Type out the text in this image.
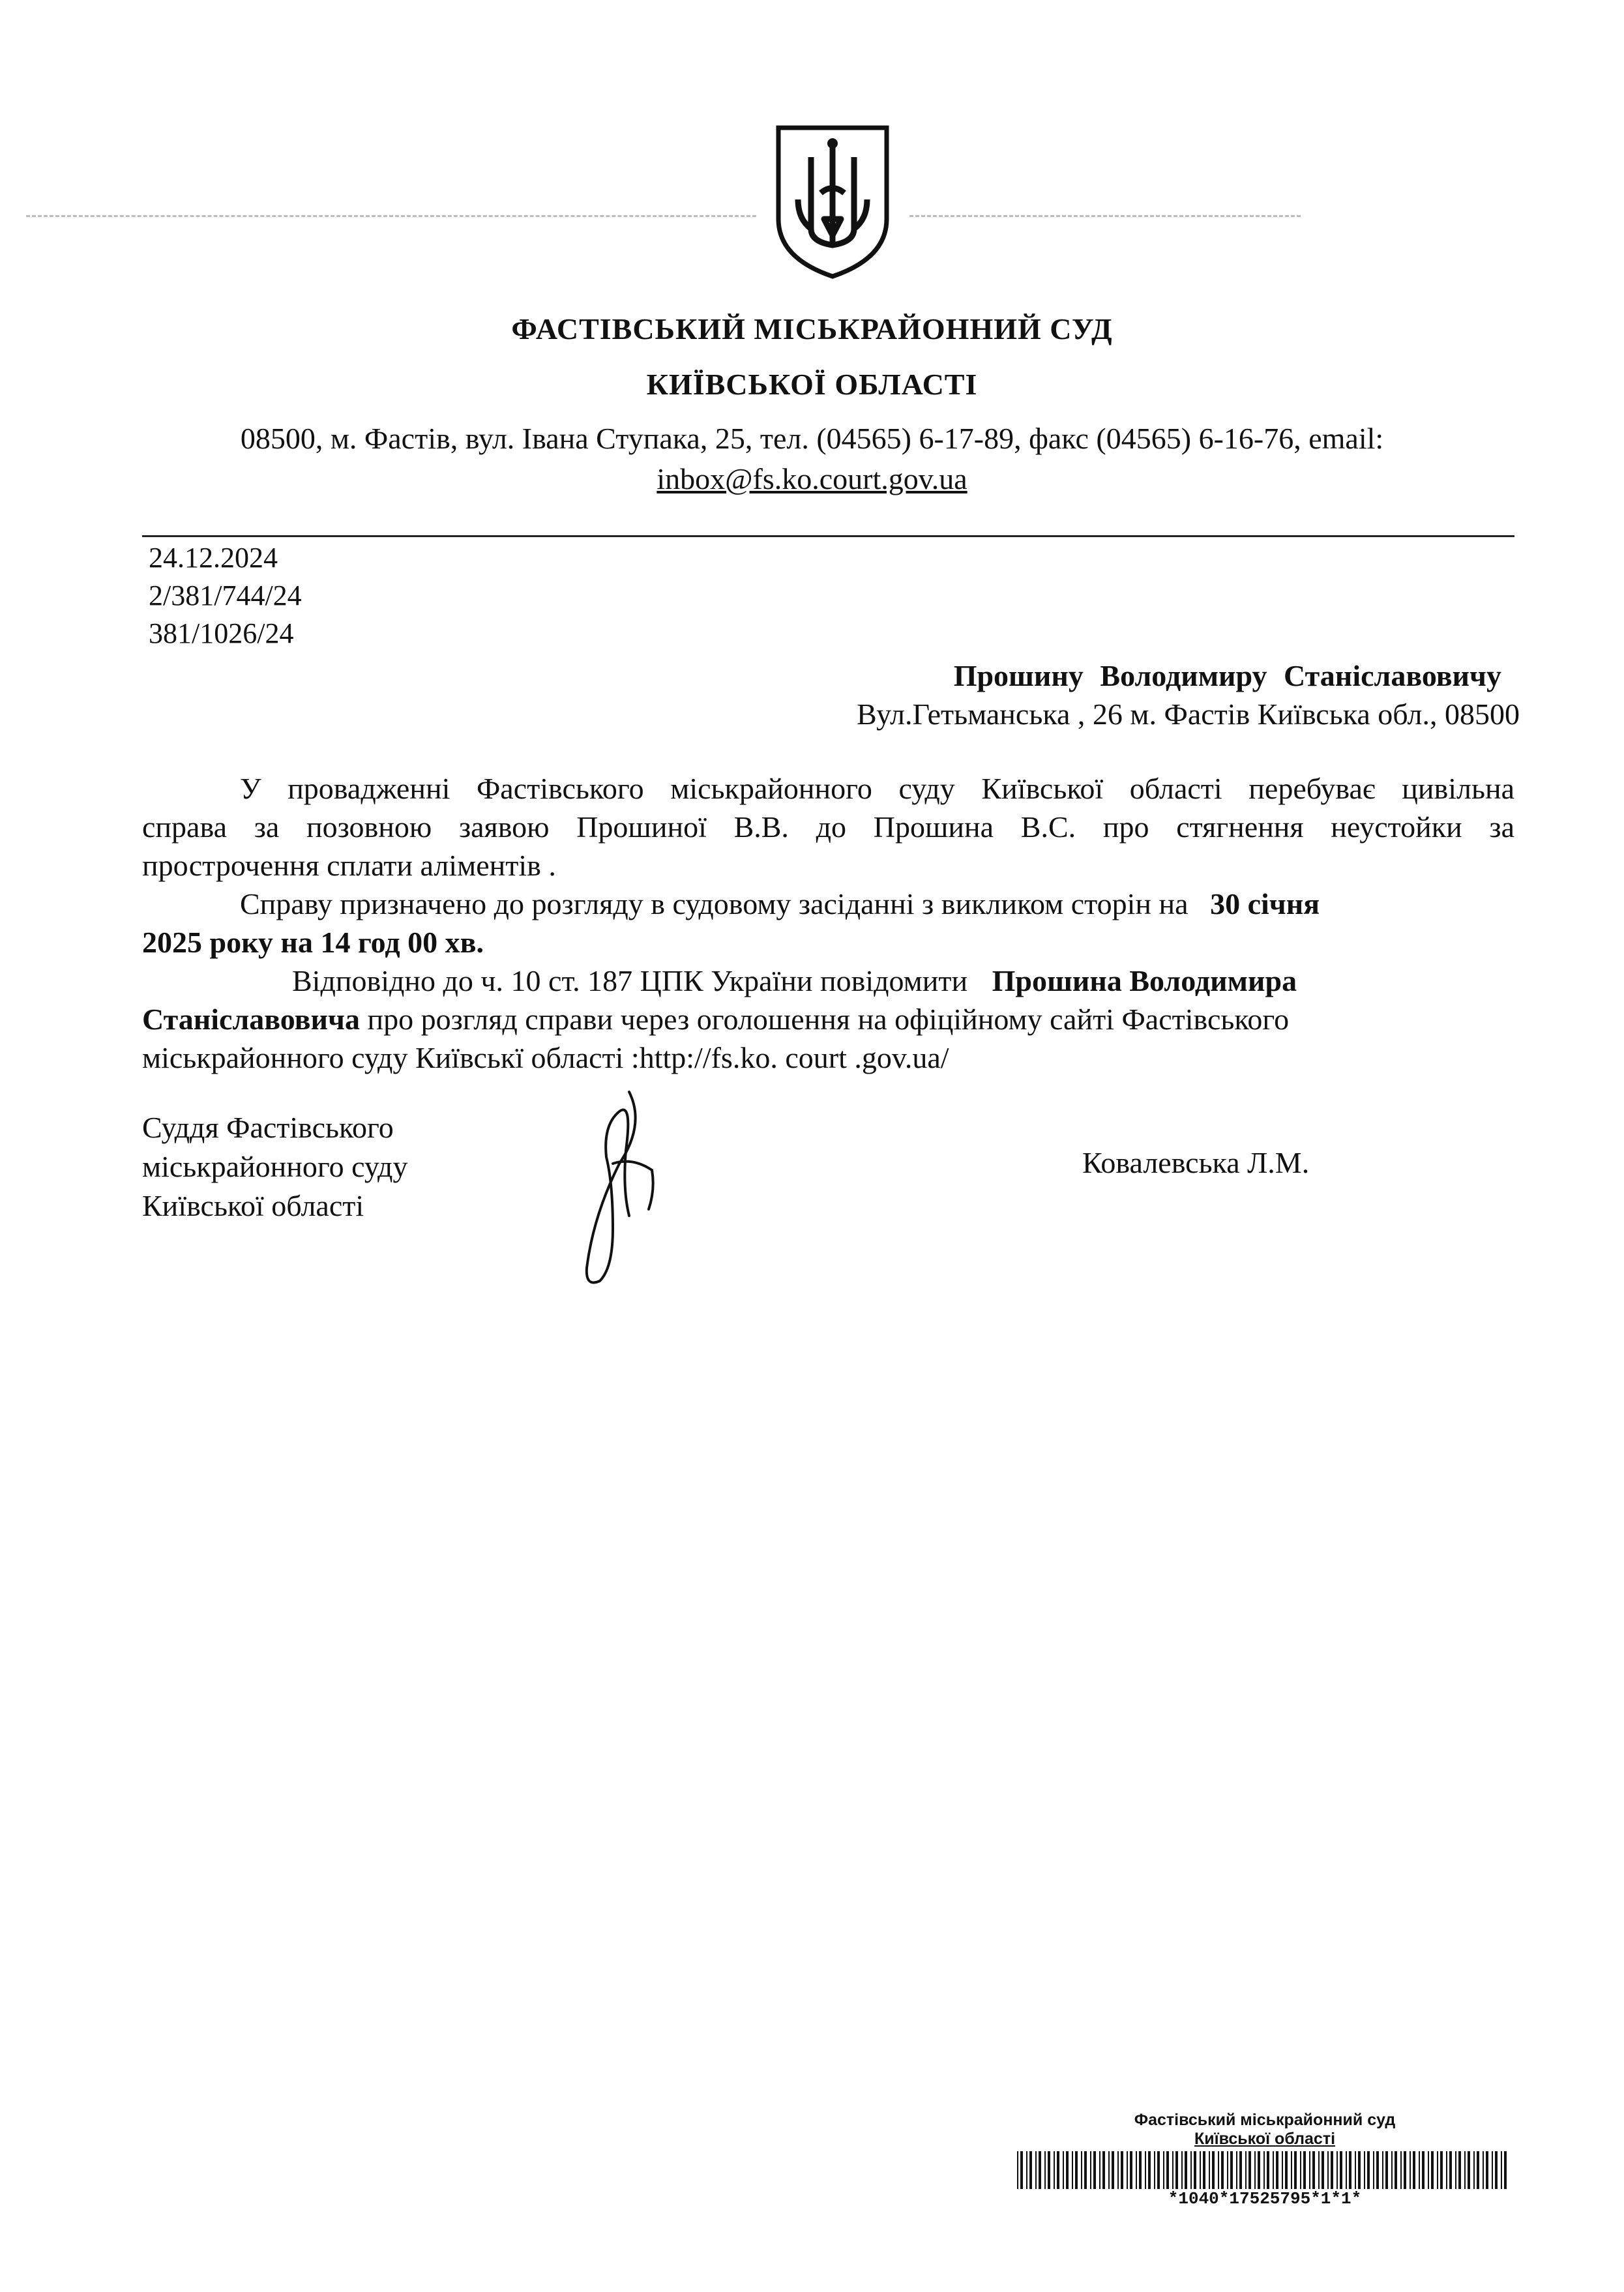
ФАСТІВСЬКИЙ МІСЬКРАЙОННИЙ СУД
КИЇВСЬКОЇ ОБЛАСТІ
08500, м. Фастів, вул. Івана Ступака, 25, тел. (04565) 6-17-89, факс (04565) 6-16-76, email:
inbox@fs.ko.court.gov.ua
24.12.2024
2/381/744/24
381/1026/24
Прошину Володимиру Станіславовичу
Вул.Гетьманська , 26 м. Фастів Київська обл., 08500
У провадженні Фастівського міськрайонного суду Київської області перебуває цивільна
справа за позовною заявою Прошиної В.В. до Прошина В.С. про стягнення неустойки за
прострочення сплати аліментів .
Справу призначено до розгляду в судовому засіданні з викликом сторін на 30 січня
2025 року на 14 год 00 хв.
Відповідно до ч. 10 ст. 187 ЦПК України повідомити Прошина Володимира
Станіславовича про розгляд справи через оголошення на офіційному сайті Фастівського
міськрайонного суду Київськї області :http://fs.ko. court .gov.ua/
Суддя Фастівського
міськрайонного суду
Київської області
Ковалевська Л.М.
Фастівський міськрайонний суд
Київської області
*1040*17525795*1*1*
